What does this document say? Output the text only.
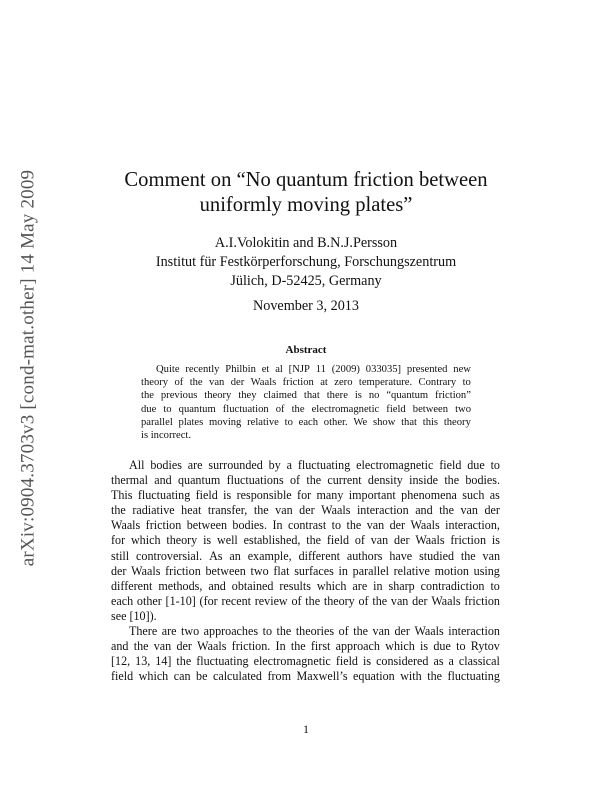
arXiv:0904.3703v3 [cond-mat.other] 14 May 2009	Comment on “No quantum friction between
uniformly moving plates”
A.I.Volokitin and B.N.J.Persson
Institut für Festkörperforschung, Forschungszentrum
Jülich, D-52425, Germany
November 3, 2013
Abstract
Quite recently Philbin et al [NJP 11 (2009) 033035] presented new
theory of the van der Waals friction at zero temperature. Contrary to
the previous theory they claimed that there is no “quantum friction”
due to quantum fluctuation of the electromagnetic field between two
parallel plates moving relative to each other. We show that this theory
is incorrect.
All bodies are surrounded by a fluctuating electromagnetic field due to
thermal and quantum fluctuations of the current density inside the bodies.
This fluctuating field is responsible for many important phenomena such as
the radiative heat transfer, the van der Waals interaction and the van der
Waals friction between bodies. In contrast to the van der Waals interaction,
for which theory is well established, the field of van der Waals friction is
still controversial. As an example, different authors have studied the van
der Waals friction between two flat surfaces in parallel relative motion using
different methods, and obtained results which are in sharp contradiction to
each other [1-10] (for recent review of the theory of the van der Waals friction
see [10]).
There are two approaches to the theories of the van der Waals interaction
and the van der Waals friction. In the first approach which is due to Rytov
[12, 13, 14] the fluctuating electromagnetic field is considered as a classical
field which can be calculated from Maxwell’s equation with the fluctuating
1
